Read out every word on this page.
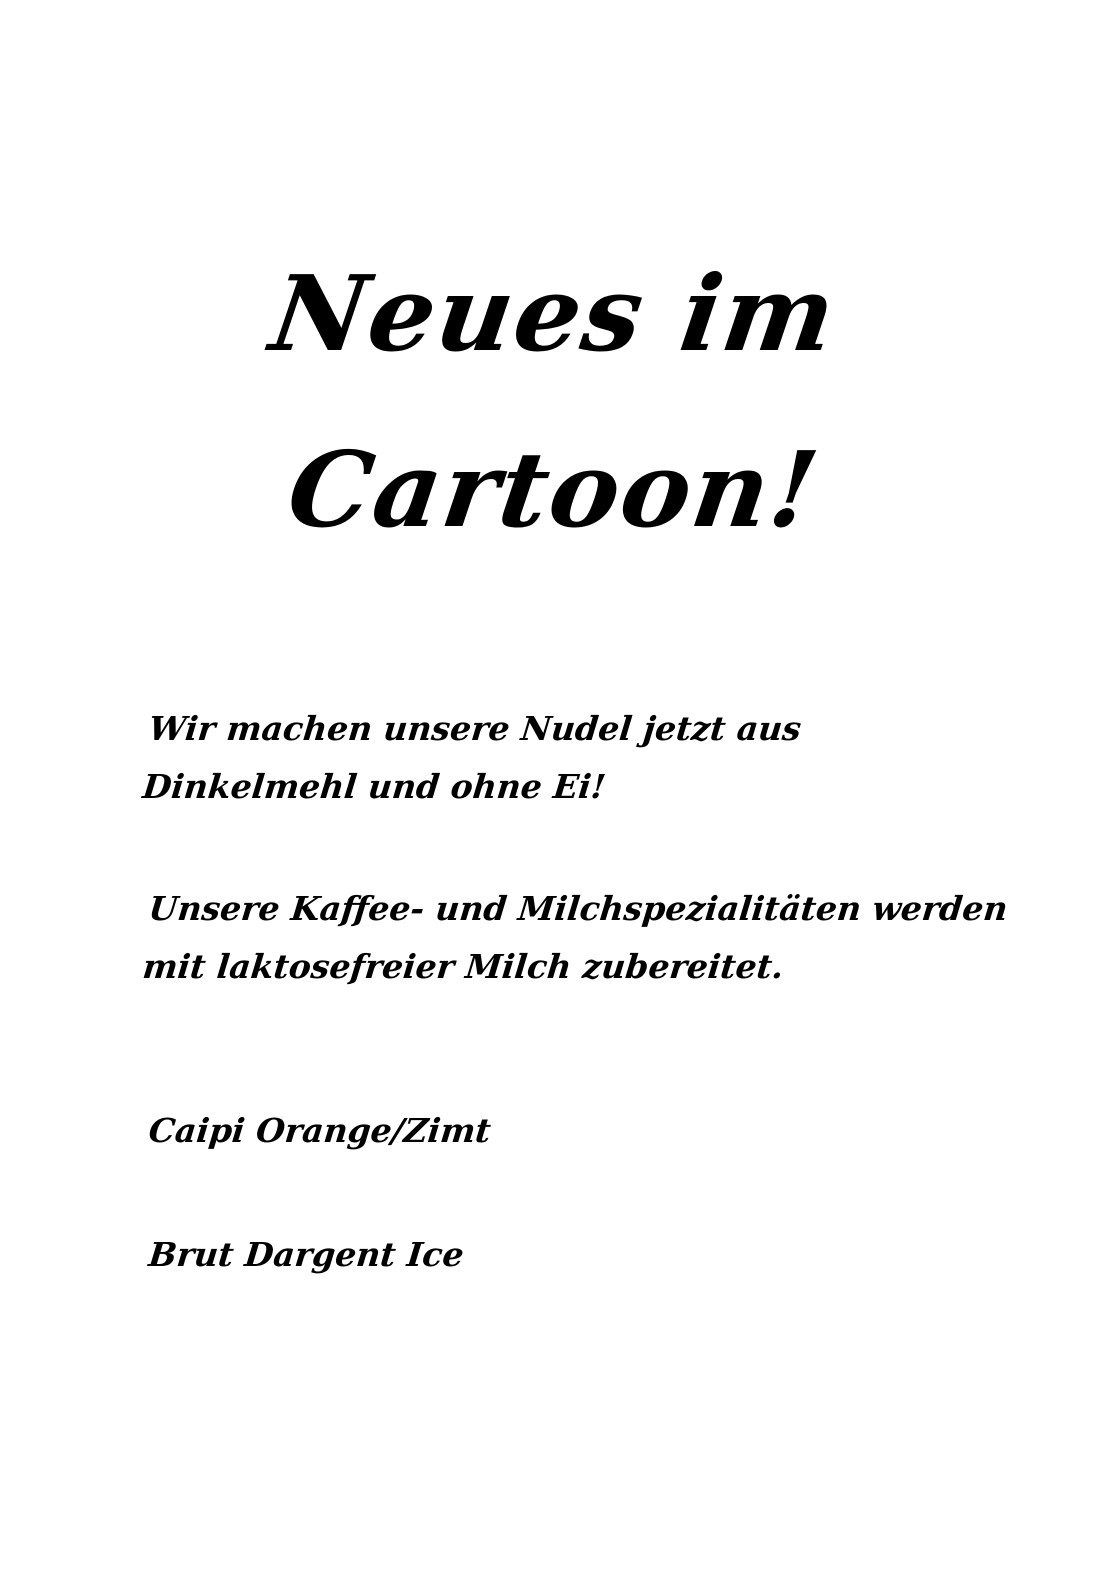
Neues im
Cartoon!

Wir machen unsere Nudel jetzt aus
Dinkelmehl und ohne Ei!

Unsere Kaffee- und Milchspezialitäten werden
mit laktosefreier Milch zubereitet.

Caipi Orange/Zimt

Brut Dargent Ice
